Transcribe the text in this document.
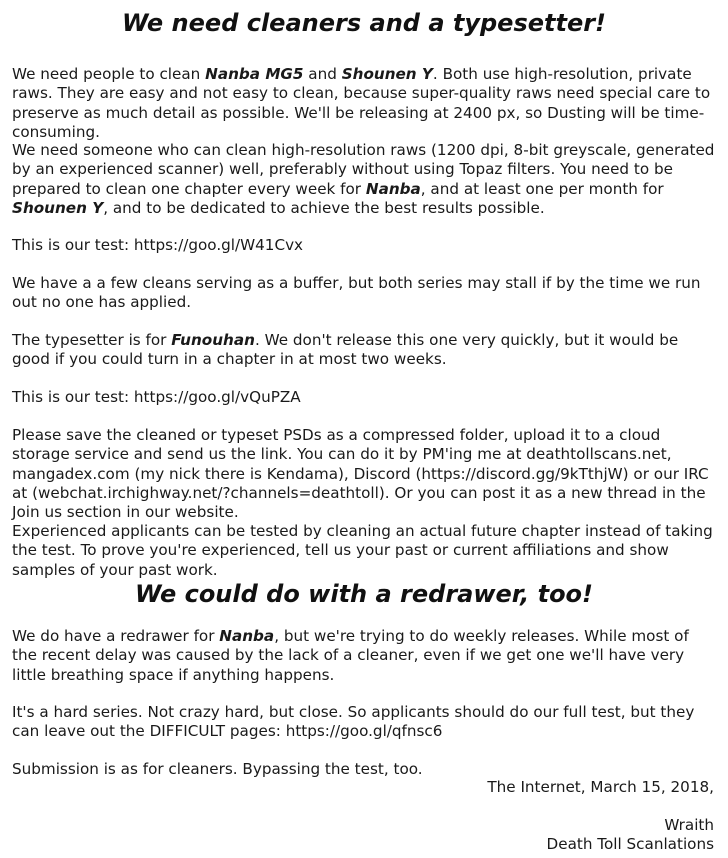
We need cleaners and a typesetter!

We need people to clean Nanba MG5 and Shounen Y. Both use high-resolution, private raws. They are easy and not easy to clean, because super-quality raws need special care to preserve as much detail as possible. We'll be releasing at 2400 px, so Dusting will be time-consuming.

We need someone who can clean high-resolution raws (1200 dpi, 8-bit greyscale, generated by an experienced scanner) well, preferably without using Topaz filters. You need to be prepared to clean one chapter every week for Nanba, and at least one per month for Shounen Y, and to be dedicated to achieve the best results possible.

This is our test: https://goo.gl/W41Cvx

We have a a few cleans serving as a buffer, but both series may stall if by the time we run out no one has applied.

The typesetter is for Funouhan. We don't release this one very quickly, but it would be good if you could turn in a chapter in at most two weeks.

This is our test: https://goo.gl/vQuPZA

Please save the cleaned or typeset PSDs as a compressed folder, upload it to a cloud storage service and send us the link. You can do it by PM'ing me at deathtollscans.net, mangadex.com (my nick there is Kendama), Discord (https://discord.gg/9kTthjW) or our IRC at (webchat.irchighway.net/?channels=deathtoll). Or you can post it as a new thread in the Join us section in our website.

Experienced applicants can be tested by cleaning an actual future chapter instead of taking the test. To prove you're experienced, tell us your past or current affiliations and show samples of your past work.

We could do with a redrawer, too!

We do have a redrawer for Nanba, but we're trying to do weekly releases. While most of the recent delay was caused by the lack of a cleaner, even if we get one we'll have very little breathing space if anything happens.

It's a hard series. Not crazy hard, but close. So applicants should do our full test, but they can leave out the DIFFICULT pages: https://goo.gl/qfnsc6

Submission is as for cleaners. Bypassing the test, too.

The Internet, March 15, 2018,

Wraith

Death Toll Scanlations
